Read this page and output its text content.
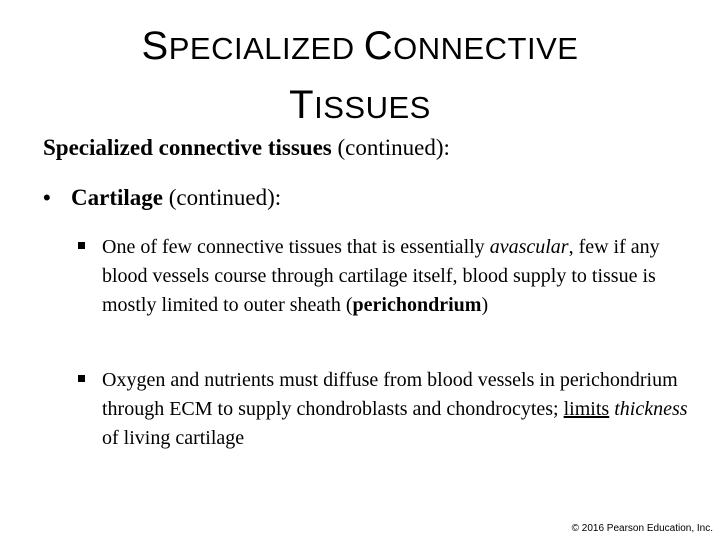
SPECIALIZED CONNECTIVE
TISSUES
Specialized connective tissues (continued):
• Cartilage (continued):
One of few connective tissues that is essentially avascular, few if any blood vessels course through cartilage itself, blood supply to tissue is mostly limited to outer sheath (perichondrium)
Oxygen and nutrients must diffuse from blood vessels in perichondrium through ECM to supply chondroblasts and chondrocytes; limits thickness of living cartilage
© 2016 Pearson Education, Inc.
